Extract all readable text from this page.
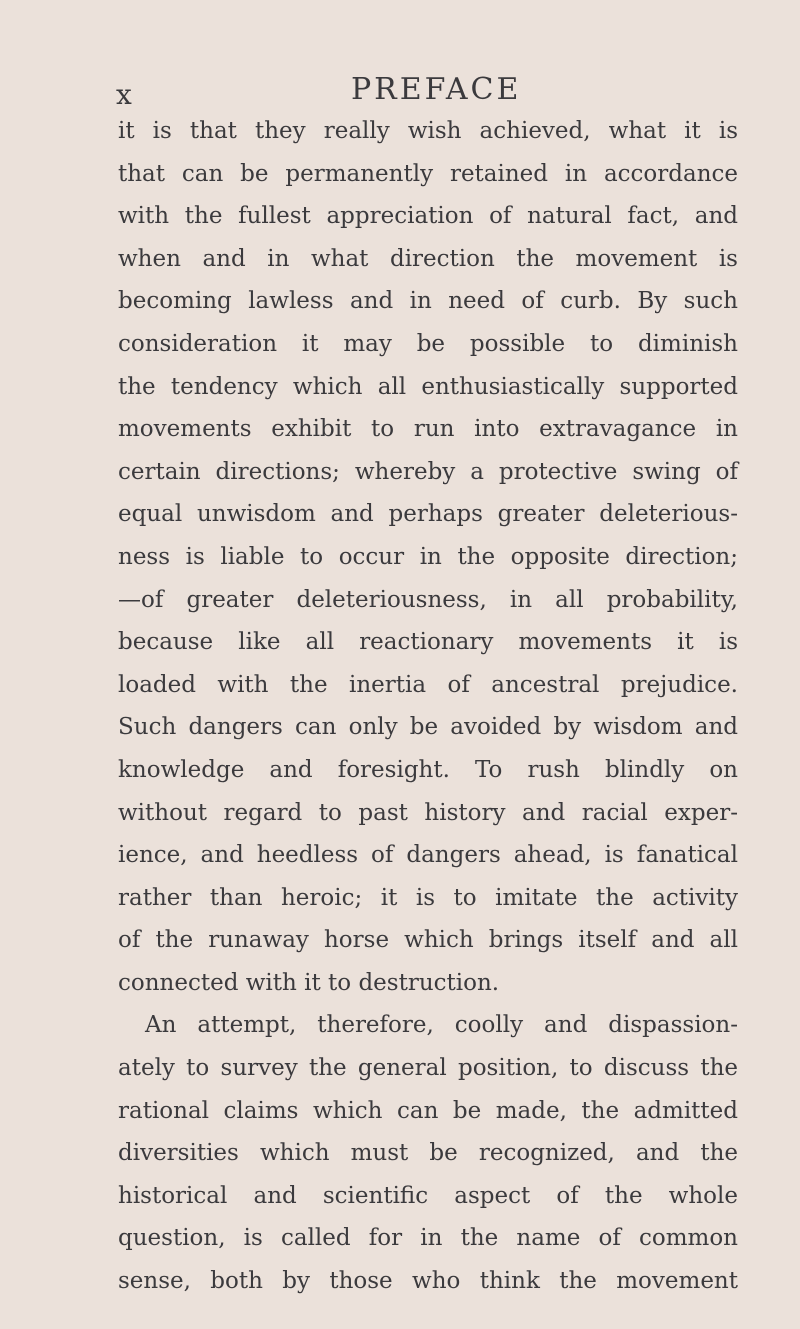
x	PREFACE
it is that they really wish achieved, what it is
that can be permanently retained in accordance
with the fullest appreciation of natural fact, and
when and in what direction the movement is
becoming lawless and in need of curb. By such
consideration it may be possible to diminish
the tendency which all enthusiastically supported
movements exhibit to run into extravagance in
certain directions; whereby a protective swing of
equal unwisdom and perhaps greater deleterious-
ness is liable to occur in the opposite direction;
—of greater deleteriousness, in all probability,
because like all reactionary movements it is
loaded with the inertia of ancestral prejudice.
Such dangers can only be avoided by wisdom and
knowledge and foresight. To rush blindly on
without regard to past history and racial exper-
ience, and heedless of dangers ahead, is fanatical
rather than heroic; it is to imitate the activity
of the runaway horse which brings itself and all
connected with it to destruction.
An attempt, therefore, coolly and dispassion-
ately to survey the general position, to discuss the
rational claims which can be made, the admitted
diversities which must be recognized, and the
historical and scientific aspect of the whole
question, is called for in the name of common
sense, both by those who think the movement
